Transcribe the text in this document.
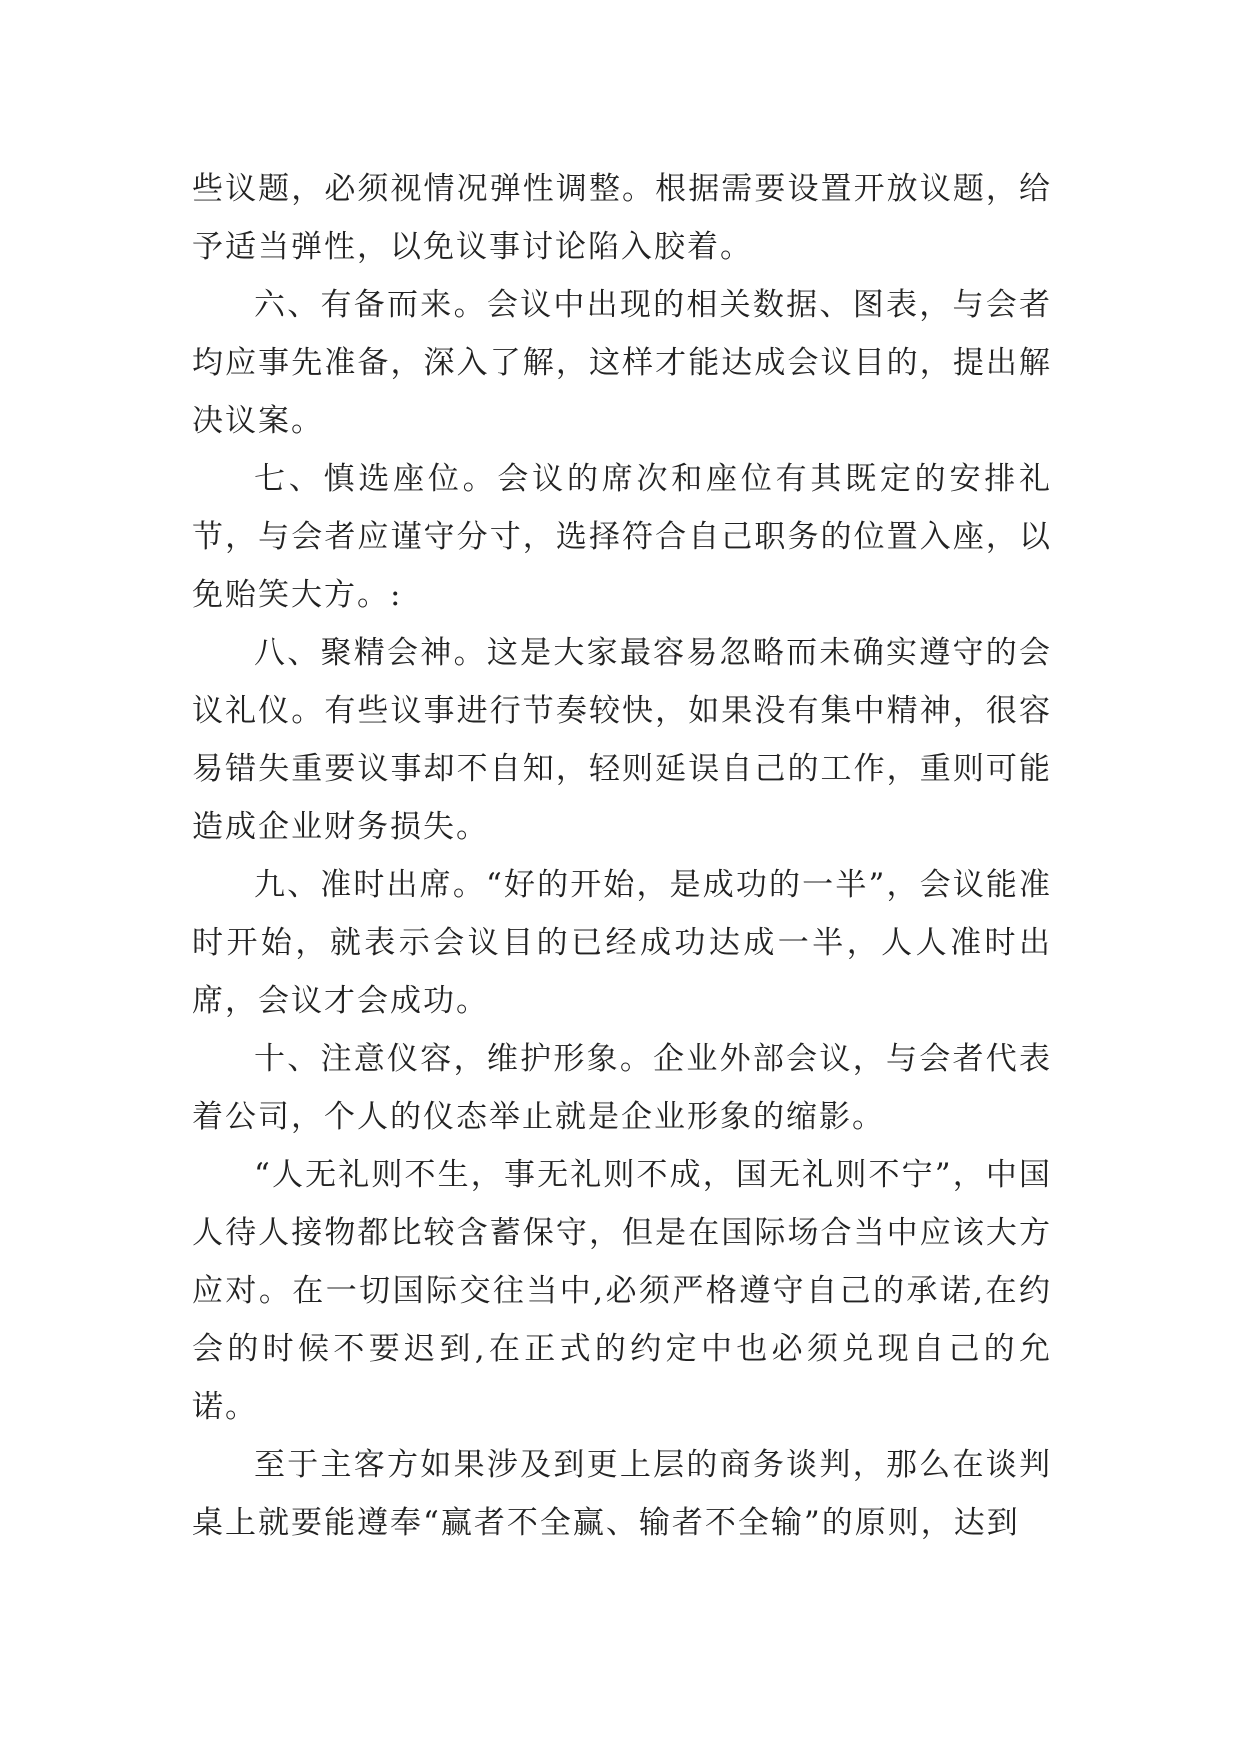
些议题，必须视情况弹性调整。根据需要设置开放议题，给予适当弹性，以免议事讨论陷入胶着。

六、有备而来。会议中出现的相关数据、图表，与会者均应事先准备，深入了解，这样才能达成会议目的，提出解决议案。

七、慎选座位。会议的席次和座位有其既定的安排礼节，与会者应谨守分寸，选择符合自己职务的位置入座，以免贻笑大方。:

八、聚精会神。这是大家最容易忽略而未确实遵守的会议礼仪。有些议事进行节奏较快，如果没有集中精神，很容易错失重要议事却不自知，轻则延误自己的工作，重则可能造成企业财务损失。

九、准时出席。“好的开始，是成功的一半”，会议能准时开始，就表示会议目的已经成功达成一半，人人准时出席，会议才会成功。

十、注意仪容，维护形象。企业外部会议，与会者代表着公司，个人的仪态举止就是企业形象的缩影。

“人无礼则不生，事无礼则不成，国无礼则不宁”，中国人待人接物都比较含蓄保守，但是在国际场合当中应该大方应对。在一切国际交往当中,必须严格遵守自己的承诺,在约会的时候不要迟到,在正式的约定中也必须兑现自己的允诺。

至于主客方如果涉及到更上层的商务谈判，那么在谈判桌上就要能遵奉“赢者不全赢、输者不全输”的原则，达到
